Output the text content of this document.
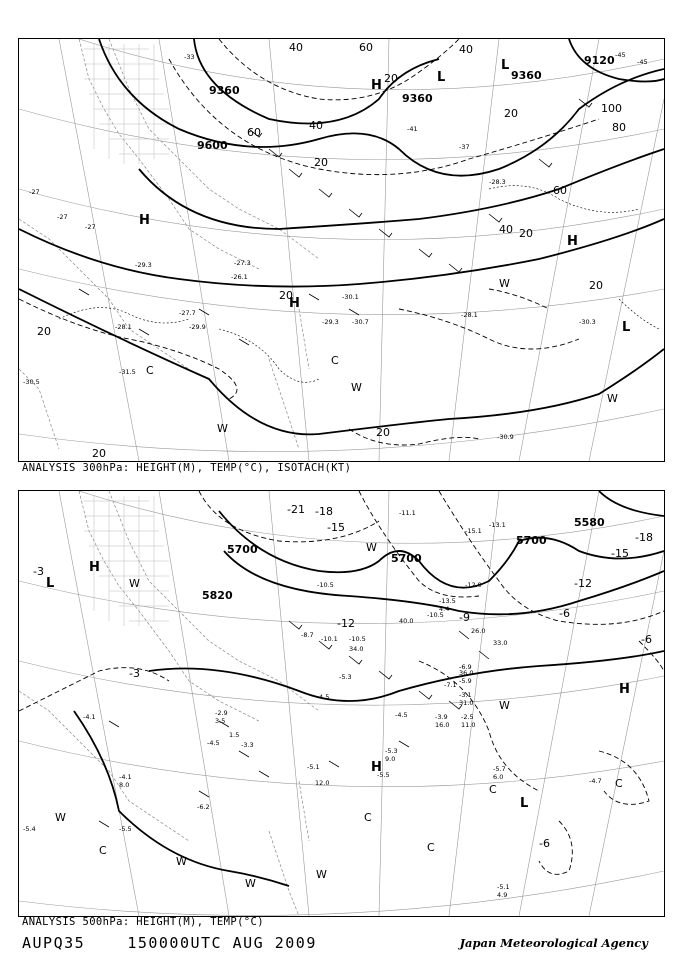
9360
9360
9360
9120
9600
H
H
H
H
L
L
L
C
C
W
W
W
W
40	40
40
60
60
60
80
100
20
20
20
20
20
20
20
20
40
20
-33
-41
-45
-45
-37
-27
-27
-27
-29.9
-28.3
-27.3
-26.1
-28.1
-27.7
-29.3 -30.7
-30.1
-28.1
-31.5
-30.5
-30.9
-29.3
-30.3
ANALYSIS 300hPa: HEIGHT(M), TEMP(°C), ISOTACH(KT)
5700
5700
5700
5820
5580
L
H
H
H
L
W
W
W
W
W
W
C
C
C
C	C
W
-3
-21 -18
-15
-12	-9	-6
-6
-3
-15
-18
-12
-6
-11.1
-15.1
-13.1
-10.5	-12.9
-10.5
-13.5
-10.1
-8.7	-10.5
-5.3
-6.9
-7.1 -5.9
-3.1
-2.5
-3.9
-4.5
-5.3
-5.1
-5.5
-4.7
-5.7
-4.1
-4.5	-3.3
-2.9
-6.2
-5.5
-4.1
-5.1
-5.4
40.0
34.0
26.0
33.0
36.0
31.0
16.0 11.0
9.0
8.0
4.5
3.5
1.5
6.0
4.9
12.0
4.4
ANALYSIS 500hPa: HEIGHT(M), TEMP(°C)
AUPQ35	150000UTC AUG 2009	Japan Meteorological Agency
